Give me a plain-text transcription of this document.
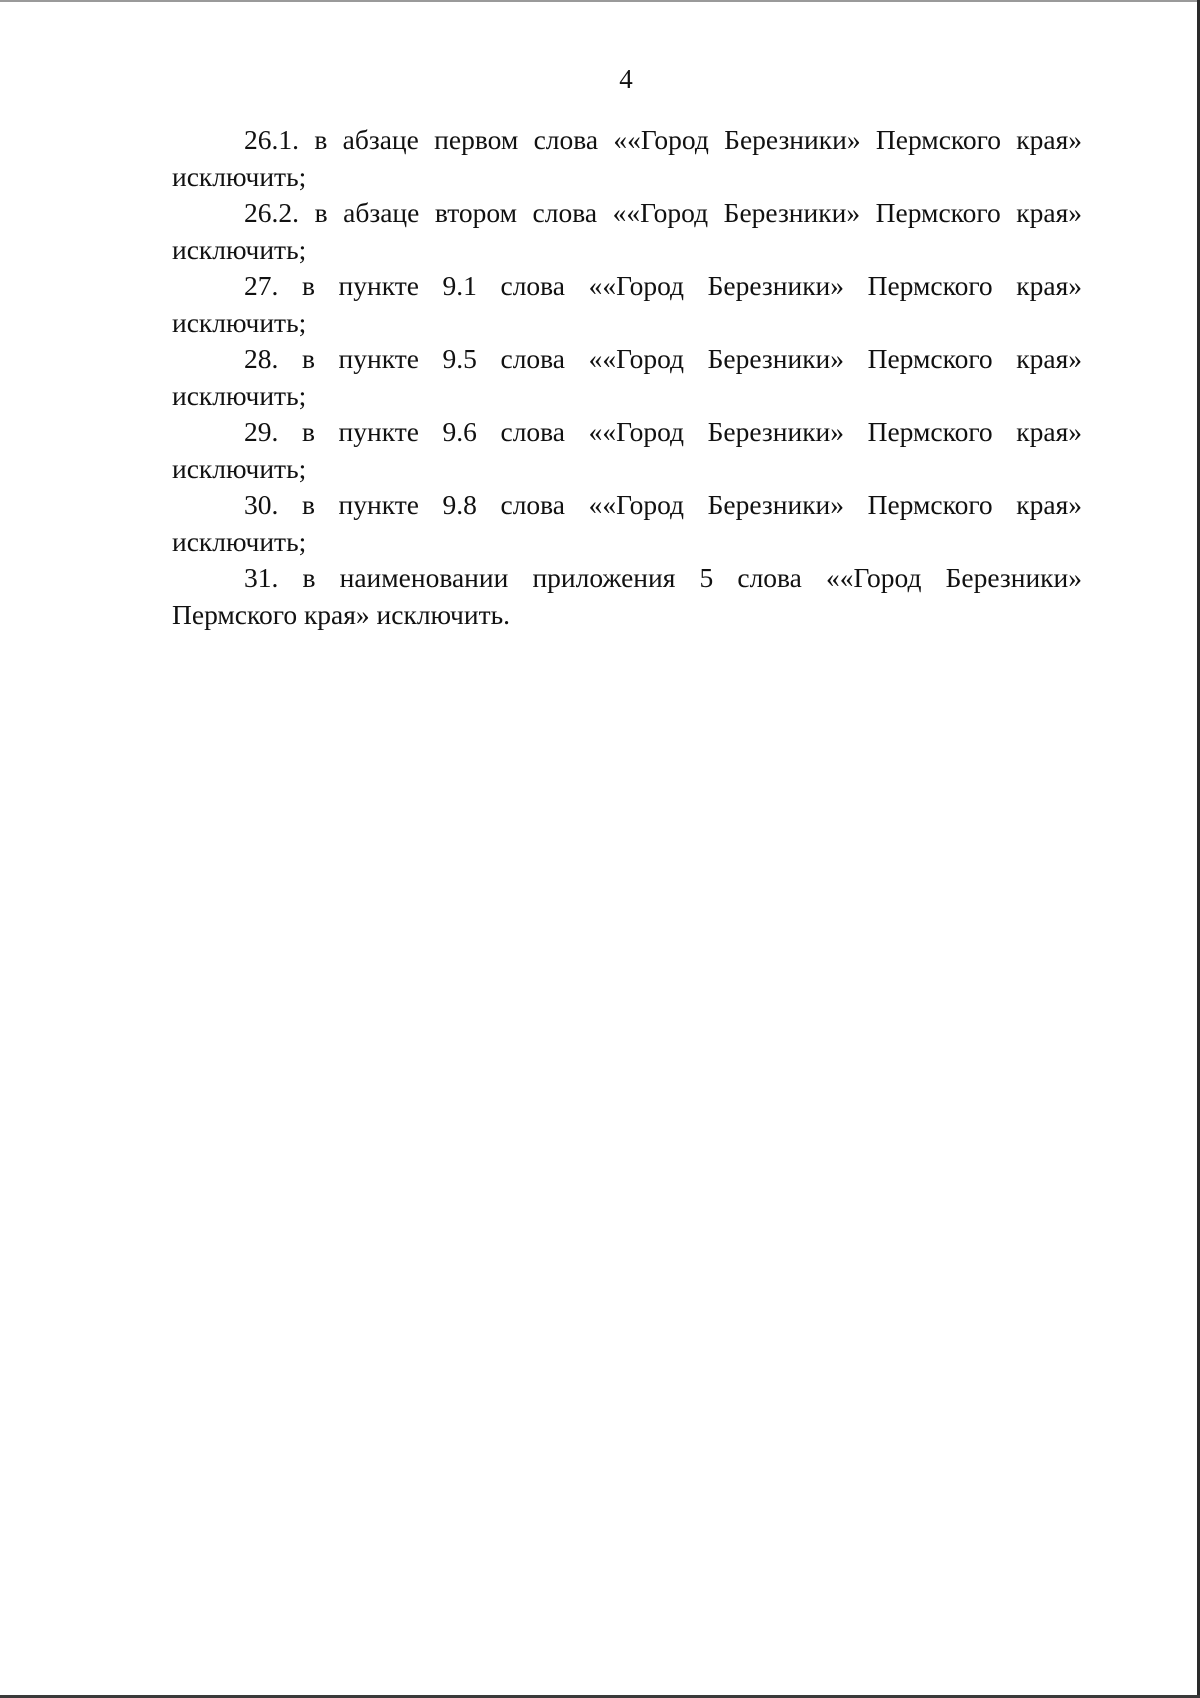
4

26.1. в абзаце первом слова ««Город Березники» Пермского края» исключить;

26.2. в абзаце втором слова ««Город Березники» Пермского края» исключить;

27. в пункте 9.1 слова ««Город Березники» Пермского края» исключить;

28. в пункте 9.5 слова ««Город Березники» Пермского края» исключить;

29. в пункте 9.6 слова ««Город Березники» Пермского края» исключить;

30. в пункте 9.8 слова ««Город Березники» Пермского края» исключить;

31. в наименовании приложения 5 слова ««Город Березники» Пермского края» исключить.
